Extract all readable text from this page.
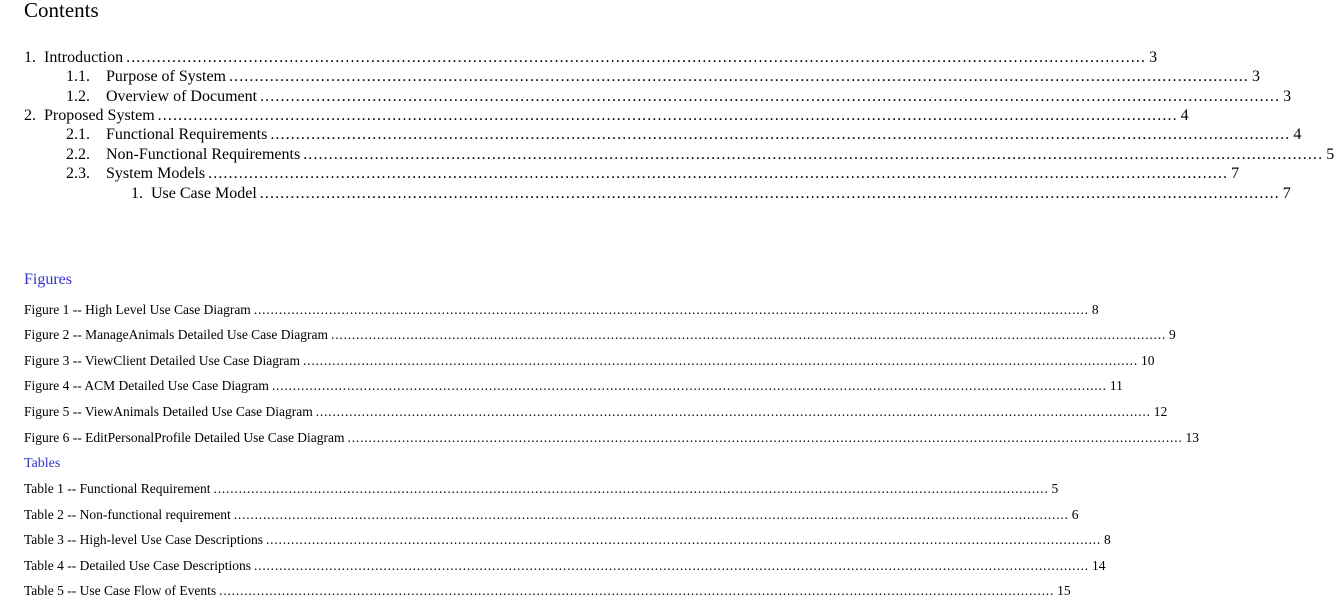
Contents
1. Introduction ........................................................................................................................................................................................................ 3
1.1. Purpose of System ........................................................................................................................................................................................................ 3
1.2. Overview of Document ........................................................................................................................................................................................................ 3
2. Proposed System ........................................................................................................................................................................................................ 4
2.1. Functional Requirements ........................................................................................................................................................................................................ 4
2.2. Non-Functional Requirements ........................................................................................................................................................................................................ 5
2.3. System Models ........................................................................................................................................................................................................ 7
1. Use Case Model ........................................................................................................................................................................................................ 7
Figures
Figure 1 -- High Level Use Case Diagram ........................................................................................................................................................................................................ 8
Figure 2 -- ManageAnimals Detailed Use Case Diagram ........................................................................................................................................................................................................ 9
Figure 3 -- ViewClient Detailed Use Case Diagram ........................................................................................................................................................................................................ 10
Figure 4 -- ACM Detailed Use Case Diagram ........................................................................................................................................................................................................ 11
Figure 5 -- ViewAnimals Detailed Use Case Diagram ........................................................................................................................................................................................................ 12
Figure 6 -- EditPersonalProfile Detailed Use Case Diagram ........................................................................................................................................................................................................ 13
Tables
Table 1 -- Functional Requirement ........................................................................................................................................................................................................ 5
Table 2 -- Non-functional requirement ........................................................................................................................................................................................................ 6
Table 3 -- High-level Use Case Descriptions ........................................................................................................................................................................................................ 8
Table 4 -- Detailed Use Case Descriptions ........................................................................................................................................................................................................ 14
Table 5 -- Use Case Flow of Events ........................................................................................................................................................................................................ 15
